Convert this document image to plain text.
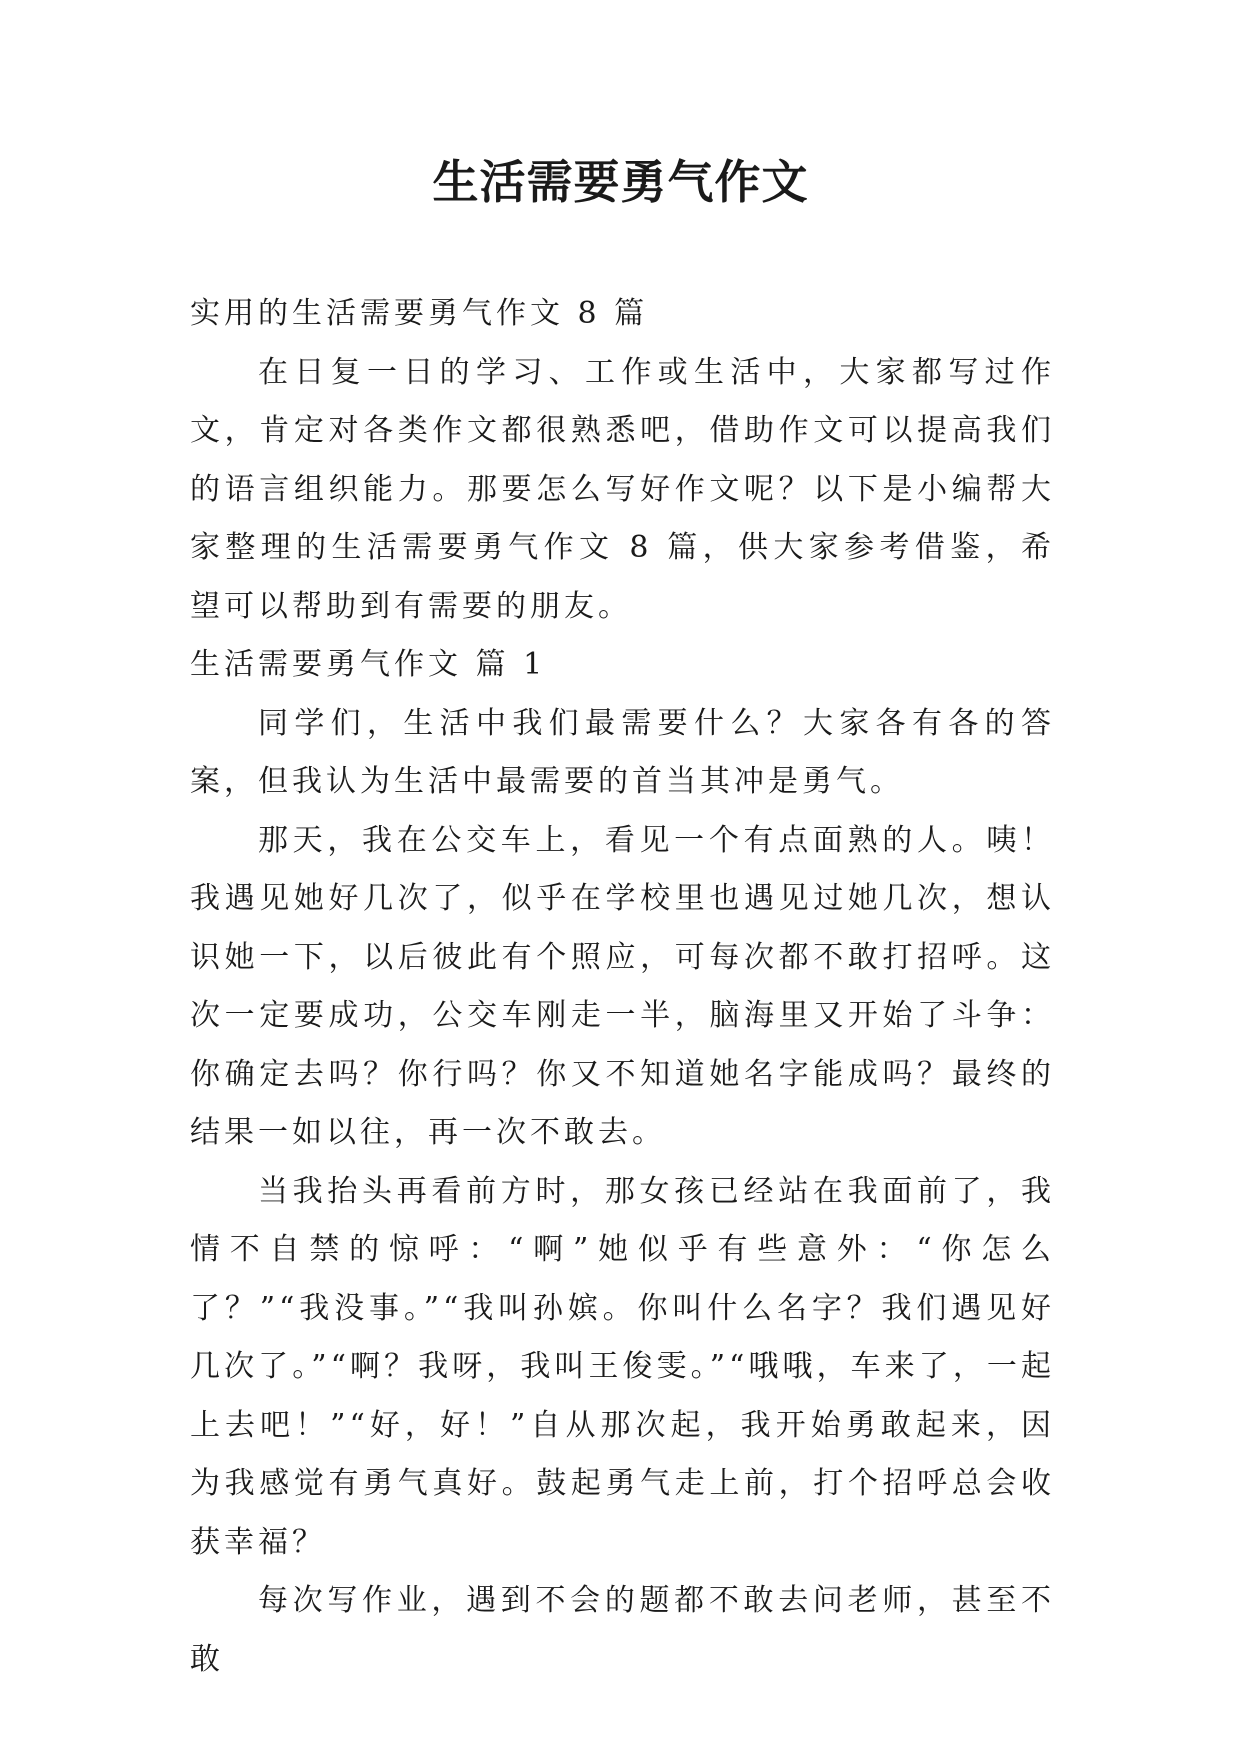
生活需要勇气作文

实用的生活需要勇气作文 8 篇

在日复一日的学习、工作或生活中，大家都写过作文，肯定对各类作文都很熟悉吧，借助作文可以提高我们的语言组织能力。那要怎么写好作文呢？以下是小编帮大家整理的生活需要勇气作文 8 篇，供大家参考借鉴，希望可以帮助到有需要的朋友。

生活需要勇气作文 篇 1

同学们，生活中我们最需要什么？大家各有各的答案，但我认为生活中最需要的首当其冲是勇气。

那天，我在公交车上，看见一个有点面熟的人。咦！我遇见她好几次了，似乎在学校里也遇见过她几次，想认识她一下，以后彼此有个照应，可每次都不敢打招呼。这次一定要成功，公交车刚走一半，脑海里又开始了斗争：你确定去吗？你行吗？你又不知道她名字能成吗？最终的结果一如以往，再一次不敢去。

当我抬头再看前方时，那女孩已经站在我面前了，我情不自禁的惊呼：“啊”她似乎有些意外：“你怎么了？”“我没事。”“我叫孙嫔。你叫什么名字？我们遇见好几次了。”“啊？我呀，我叫王俊雯。”“哦哦，车来了，一起上去吧！”“好，好！”自从那次起，我开始勇敢起来，因为我感觉有勇气真好。鼓起勇气走上前，打个招呼总会收获幸福？

每次写作业，遇到不会的题都不敢去问老师，甚至不敢
